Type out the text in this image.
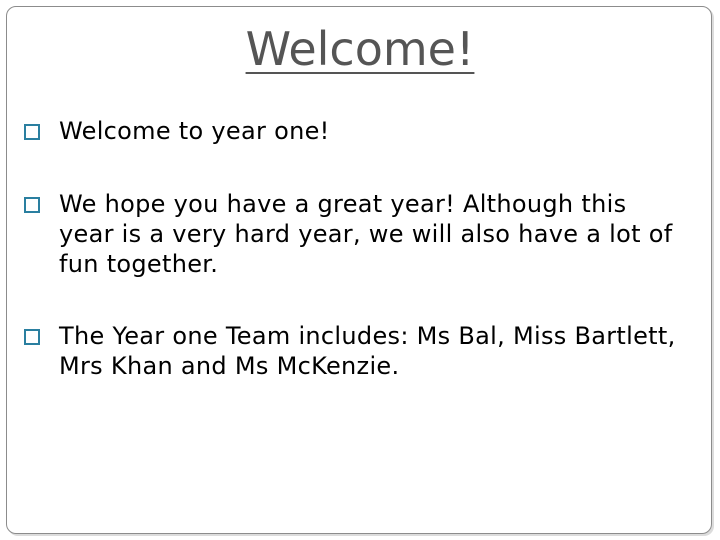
Welcome!
Welcome to year one!
We hope you have a great year! Although this year is a very hard year, we will also have a lot of fun together.
The Year one Team includes: Ms Bal, Miss Bartlett, Mrs Khan and Ms McKenzie.
